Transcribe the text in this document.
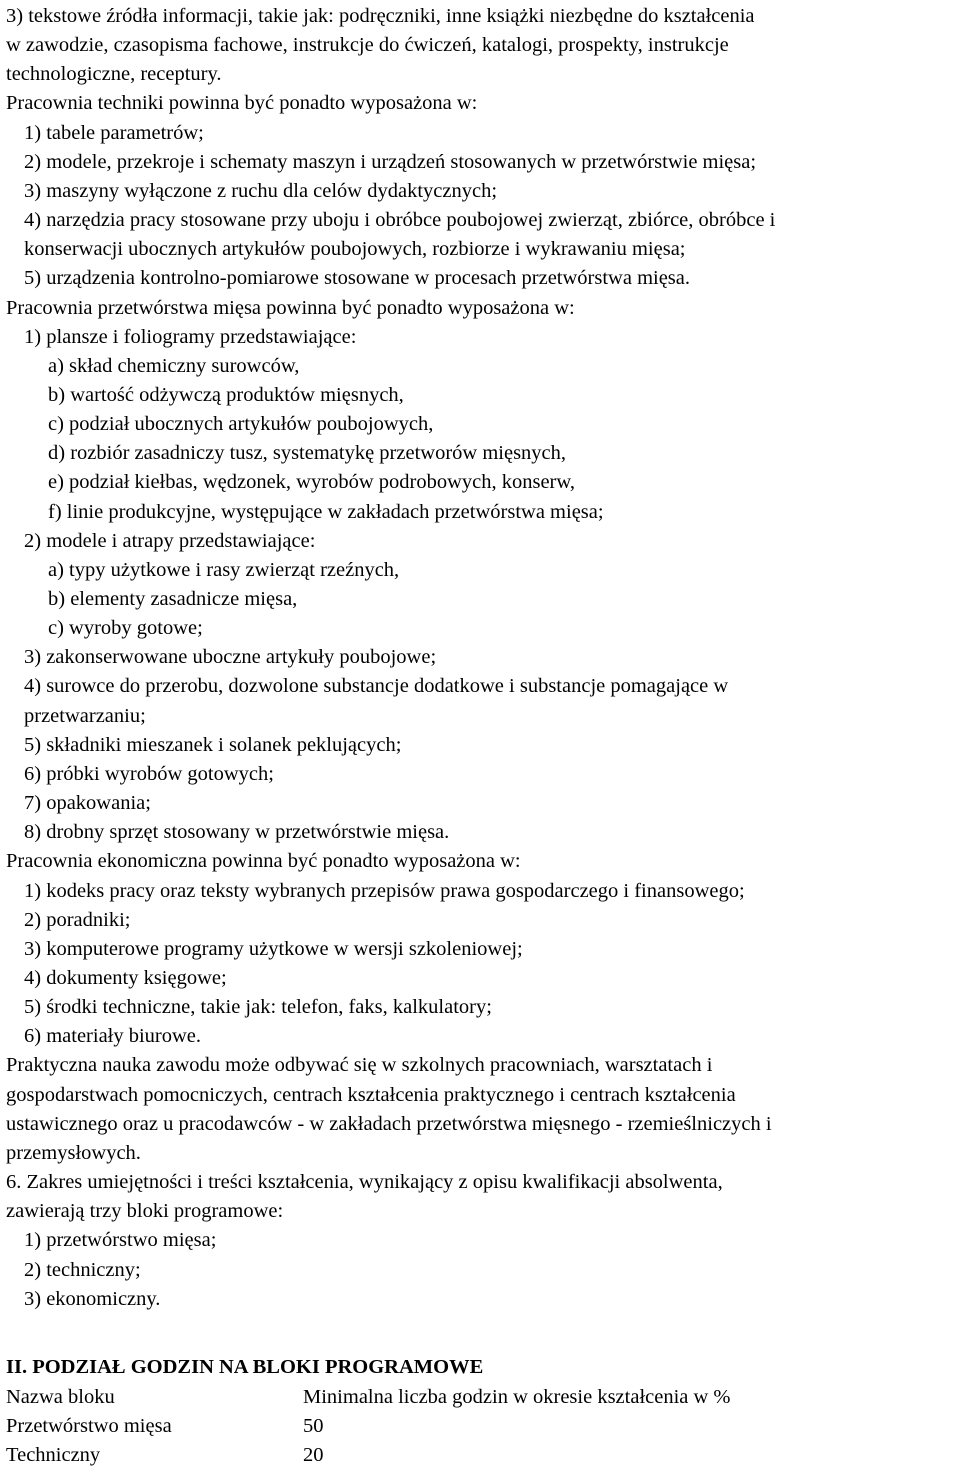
3) tekstowe źródła informacji, takie jak: podręczniki, inne książki niezbędne do kształcenia
w zawodzie, czasopisma fachowe, instrukcje do ćwiczeń, katalogi, prospekty, instrukcje
technologiczne, receptury.
Pracownia techniki powinna być ponadto wyposażona w:
1) tabele parametrów;
2) modele, przekroje i schematy maszyn i urządzeń stosowanych w przetwórstwie mięsa;
3) maszyny wyłączone z ruchu dla celów dydaktycznych;
4) narzędzia pracy stosowane przy uboju i obróbce poubojowej zwierząt, zbiórce, obróbce i
konserwacji ubocznych artykułów poubojowych, rozbiorze i wykrawaniu mięsa;
5) urządzenia kontrolno-pomiarowe stosowane w procesach przetwórstwa mięsa.
Pracownia przetwórstwa mięsa powinna być ponadto wyposażona w:
1) plansze i foliogramy przedstawiające:
a) skład chemiczny surowców,
b) wartość odżywczą produktów mięsnych,
c) podział ubocznych artykułów poubojowych,
d) rozbiór zasadniczy tusz, systematykę przetworów mięsnych,
e) podział kiełbas, wędzonek, wyrobów podrobowych, konserw,
f) linie produkcyjne, występujące w zakładach przetwórstwa mięsa;
2) modele i atrapy przedstawiające:
a) typy użytkowe i rasy zwierząt rzeźnych,
b) elementy zasadnicze mięsa,
c) wyroby gotowe;
3) zakonserwowane uboczne artykuły poubojowe;
4) surowce do przerobu, dozwolone substancje dodatkowe i substancje pomagające w
przetwarzaniu;
5) składniki mieszanek i solanek peklujących;
6) próbki wyrobów gotowych;
7) opakowania;
8) drobny sprzęt stosowany w przetwórstwie mięsa.
Pracownia ekonomiczna powinna być ponadto wyposażona w:
1) kodeks pracy oraz teksty wybranych przepisów prawa gospodarczego i finansowego;
2) poradniki;
3) komputerowe programy użytkowe w wersji szkoleniowej;
4) dokumenty księgowe;
5) środki techniczne, takie jak: telefon, faks, kalkulatory;
6) materiały biurowe.
Praktyczna nauka zawodu może odbywać się w szkolnych pracowniach, warsztatach i
gospodarstwach pomocniczych, centrach kształcenia praktycznego i centrach kształcenia
ustawicznego oraz u pracodawców - w zakładach przetwórstwa mięsnego - rzemieślniczych i
przemysłowych.
6. Zakres umiejętności i treści kształcenia, wynikający z opisu kwalifikacji absolwenta,
zawierają trzy bloki programowe:
1) przetwórstwo mięsa;
2) techniczny;
3) ekonomiczny.
II. PODZIAŁ GODZIN NA BLOKI PROGRAMOWE
Nazwa bloku	Minimalna liczba godzin w okresie kształcenia w %
Przetwórstwo mięsa	50
Techniczny	20
